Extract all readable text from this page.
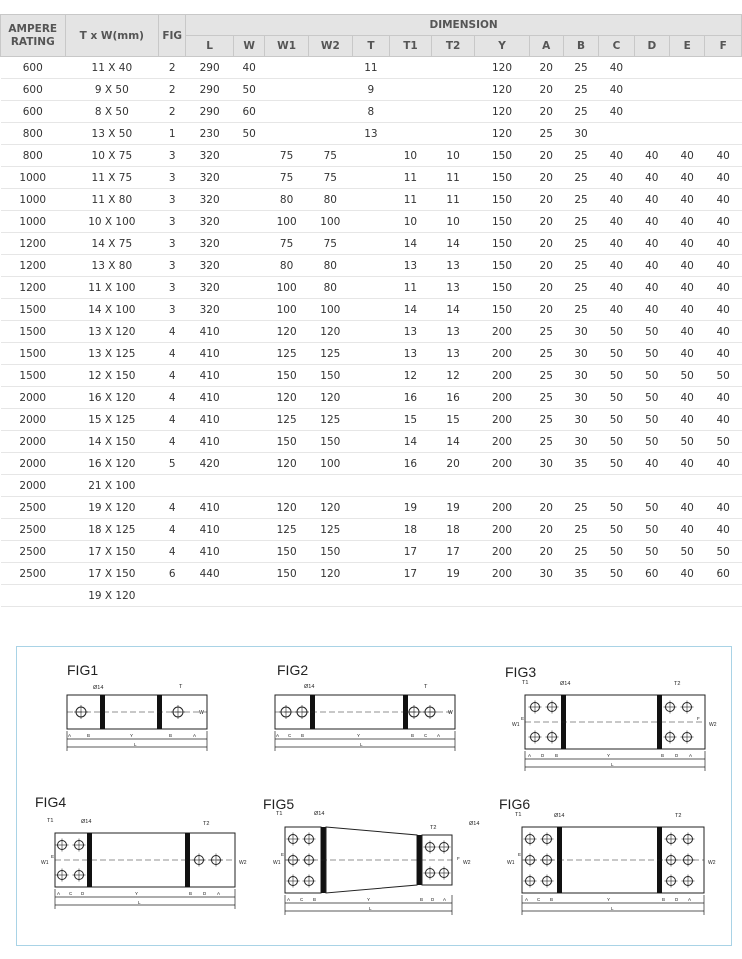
AMPERE
RATING	T x W(mm)	FIG	DIMENSION													
			L	W	W1	W2	T	T1	T2	Y	A	B	C	D	E	F
600	11 X 40	2	290	40			11			120	20	25	40			
600	9 X 50	2	290	50			9			120	20	25	40			
600	8 X 50	2	290	60			8			120	20	25	40			
800	13 X 50	1	230	50			13			120	25	30				
800	10 X 75	3	320		75	75		10	10	150	20	25	40	40	40	40
1000	11 X 75	3	320		75	75		11	11	150	20	25	40	40	40	40
1000	11 X 80	3	320		80	80		11	11	150	20	25	40	40	40	40
1000	10 X 100	3	320		100	100		10	10	150	20	25	40	40	40	40
1200	14 X 75	3	320		75	75		14	14	150	20	25	40	40	40	40
1200	13 X 80	3	320		80	80		13	13	150	20	25	40	40	40	40
1200	11 X 100	3	320		100	80		11	13	150	20	25	40	40	40	40
1500	14 X 100	3	320		100	100		14	14	150	20	25	40	40	40	40
1500	13 X 120	4	410		120	120		13	13	200	25	30	50	50	40	40
1500	13 X 125	4	410		125	125		13	13	200	25	30	50	50	40	40
1500	12 X 150	4	410		150	150		12	12	200	25	30	50	50	50	50
2000	16 X 120	4	410		120	120		16	16	200	25	30	50	50	40	40
2000	15 X 125	4	410		125	125		15	15	200	25	30	50	50	40	40
2000	14 X 150	4	410		150	150		14	14	200	25	30	50	50	50	50
2000	16 X 120	5	420		120	100		16	20	200	30	35	50	40	40	40
2000	21 X 100															
2500	19 X 120	4	410		120	120		19	19	200	20	25	50	50	40	40
2500	18 X 125	4	410		125	125		18	18	200	20	25	50	50	40	40
2500	17 X 150	4	410		150	150		17	17	200	20	25	50	50	50	50
2500	17 X 150	6	440		150	120		17	19	200	30	35	50	60	40	60
	19 X 120															
FIG1	FIG2	FIG3
FIG4	FIG5	FIG6
Ø14	T
W
A	B	Y	B	A
L
Ø14	T
W
A C B	Y	B C A
L
Ø14
T1	T2
W1	W2
E	F
A D B	Y	B D A
L
Ø14
T1	T2
W1	W2
E
A C D	Y	B D A
L
Ø14
T1
T2
Ø14
W1	W2
E
F
A C B	Y	B D A
L
Ø14
T1	T2
W1	W2
E
A C B	Y	B D A
L
